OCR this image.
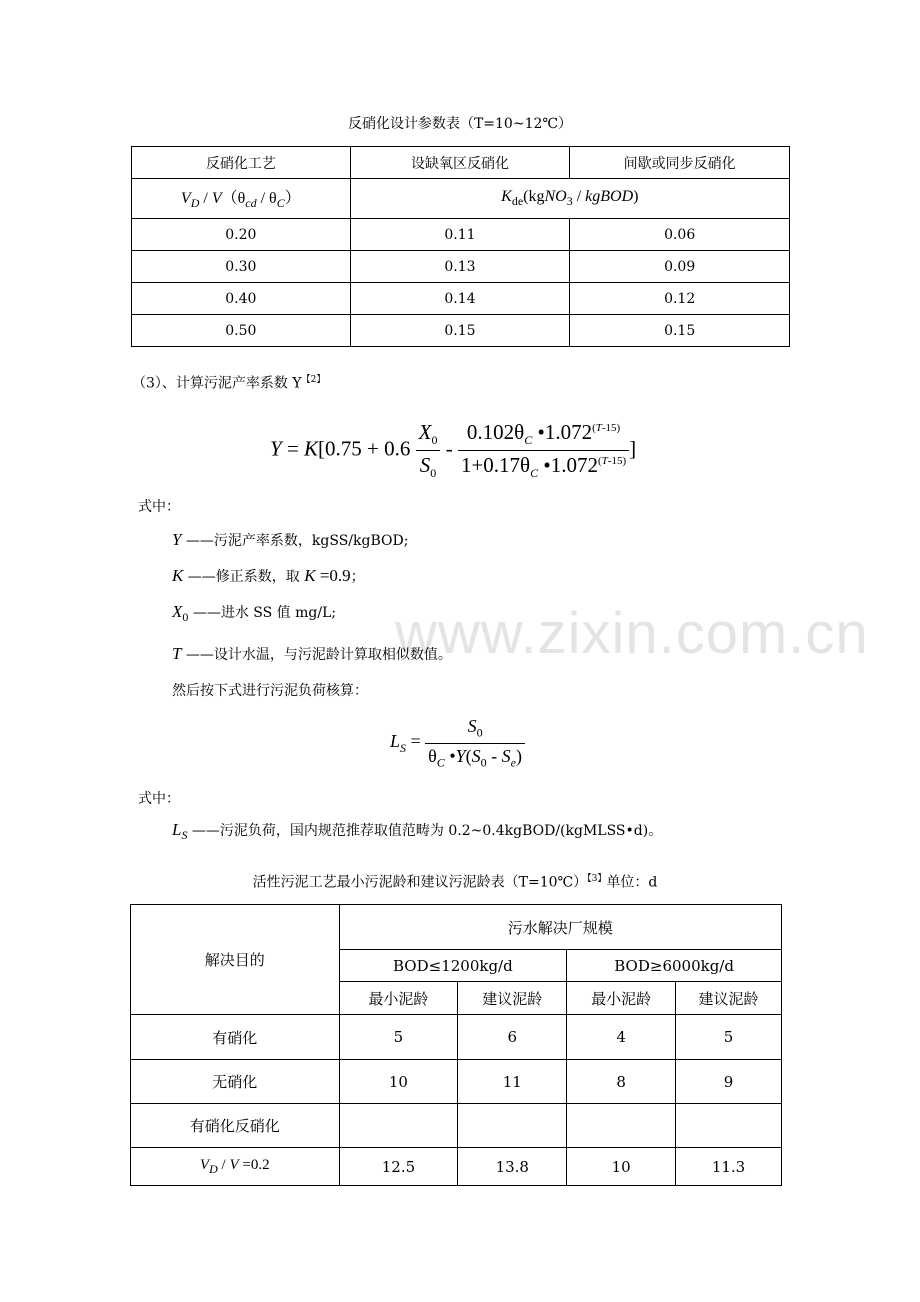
www.zixin.com.cn
反硝化设计参数表（T=10~12℃）
反硝化工艺	设缺氧区反硝化	间歇或同步反硝化
$V_D / V(\theta_{cd} / \theta_C)$	$K_{de}(kgNO_3$ / kgBOD)	
0.20	0.11	0.06
0.30	0.13	0.09
0.40	0.14	0.12
0.50	0.15	0.15
（3）、计算污泥产率系数 $Y^{【2】}$
$Y = K[0.75 + 0.6 \frac{X_0}{S_0} - \frac{0.102\theta_C •1.072^{(T-15)}}{1+0.17\theta_C •1.072^{(T-15)}}$ ]
式中：
Y ——污泥产率系数，kgSS/kgBOD;
K ——修正系数，取 K =0.9；
$X_0$ ——进水 SS 值 mg/L;
T ——设计水温，与污泥龄计算取相似数值。
然后按下式进行污泥负荷核算：
$L_S = \frac{S_0}{\theta_C •Y(S_0 - S_e)}$
式中：
$L_S$ ——污泥负荷，国内规范推荐取值范畴为 0.2~0.4kgBOD/(kgMLSS•d)。
活性污泥工艺最小污泥龄和建议污泥龄表（T=10℃）$^{【3】}$单位：d
解决目的	污水解决厂规模			
	BOD≤1200kg/d		BOD≥6000kg/d	
	最小泥龄	建议泥龄	最小泥龄	建议泥龄
有硝化	5	6	4	5
无硝化	10	11	8	9
有硝化反硝化				
$V_D / V =0.2$	12.5	13.8	10	11.3
